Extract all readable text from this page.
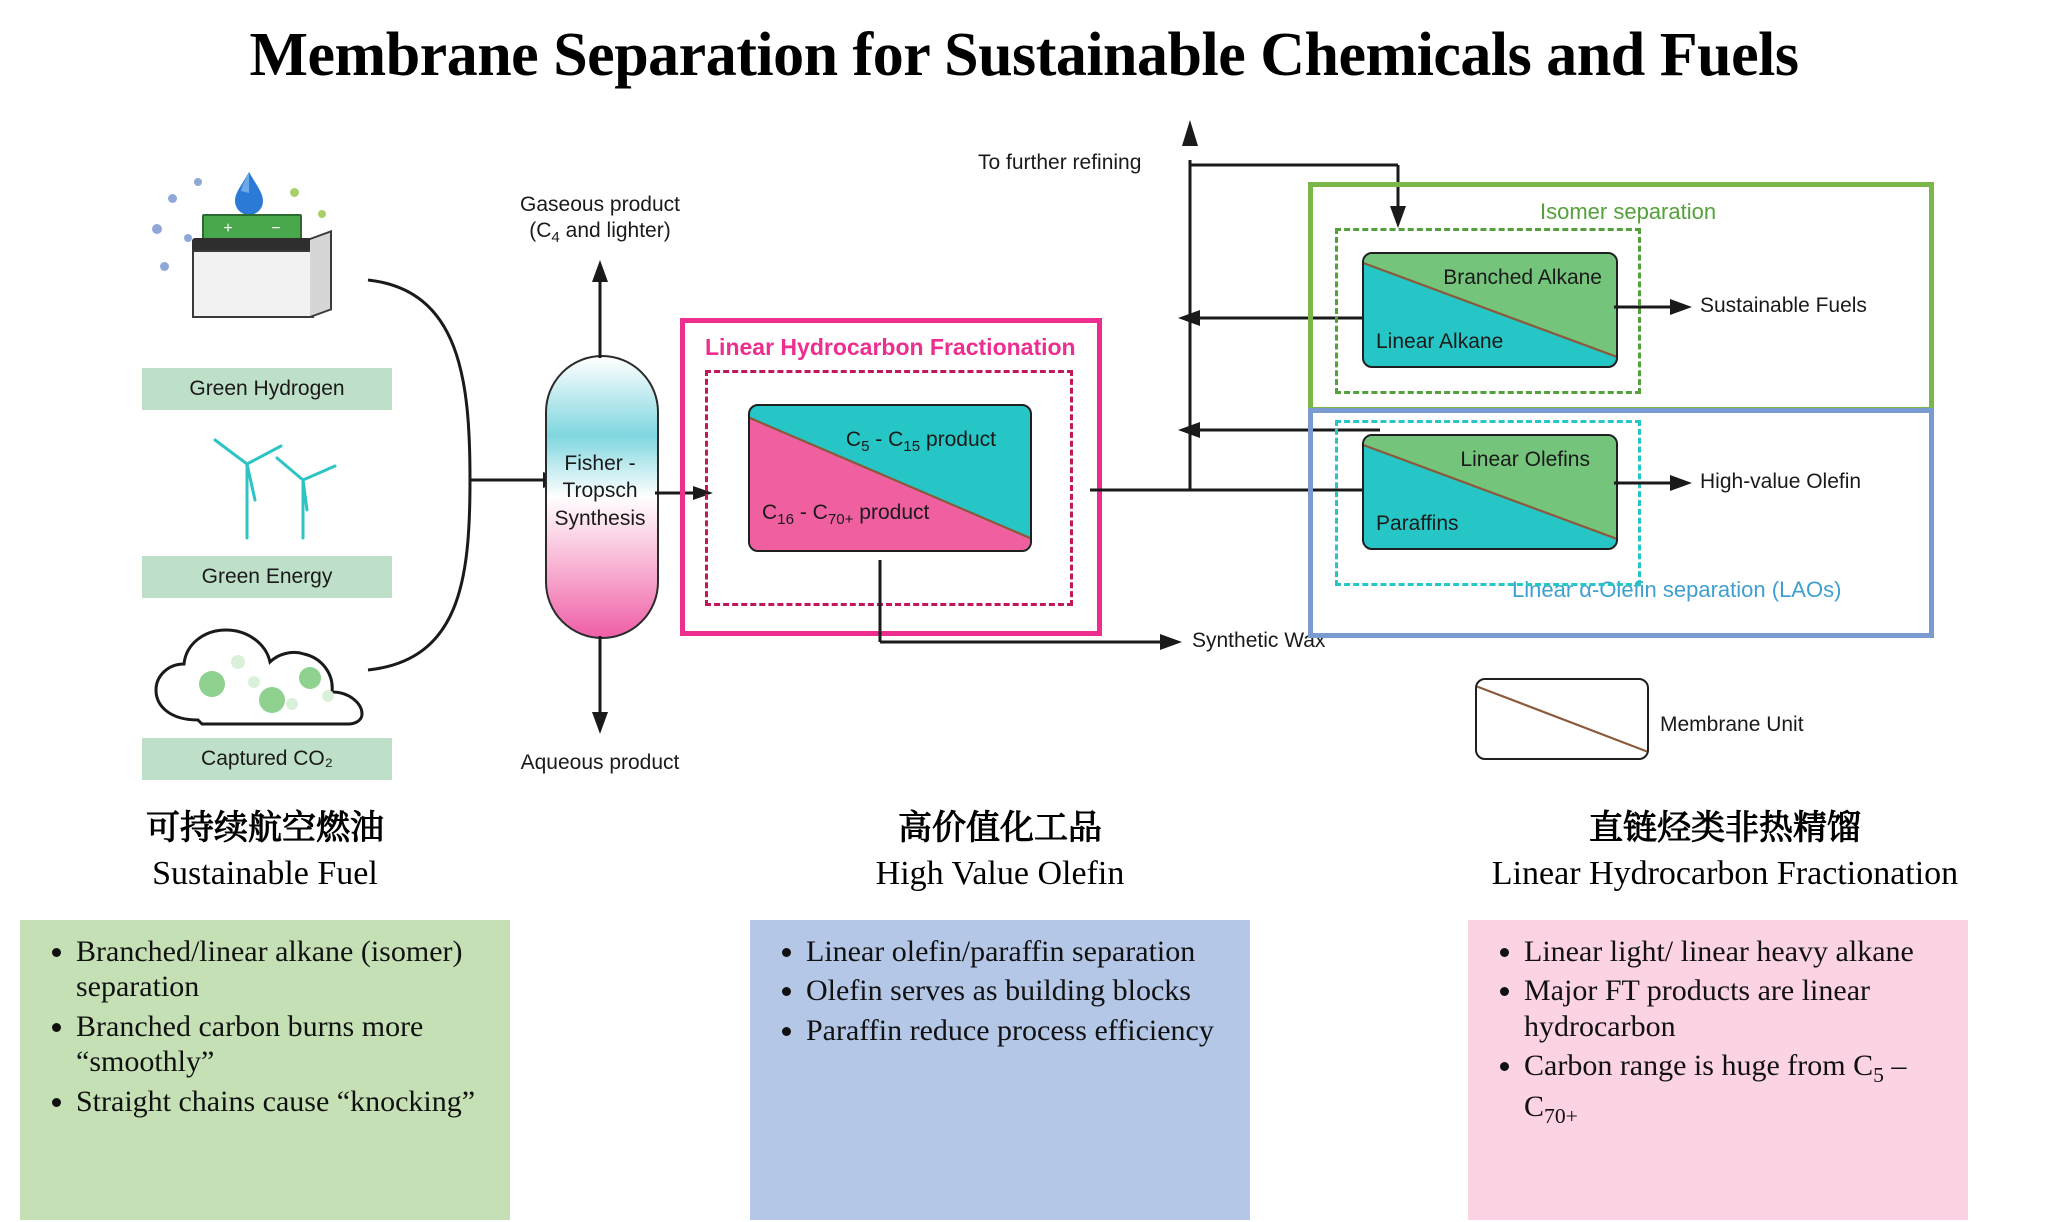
Membrane Separation for Sustainable Chemicals and Fuels
+ −
Green Hydrogen
Green Energy
Captured CO₂
Fisher -
Tropsch
Synthesis
Gaseous product
($C_4$ and lighter)
Aqueous product
Linear Hydrocarbon Fractionation
$C_5 - C_{15}$ product
$C_{16} - C_{70+}$ product
Synthetic Wax
To further refining
Isomer separation
Branched Alkane
Linear Alkane
Sustainable Fuels
Linear α-Olefin separation (LAOs)
Linear Olefins
Paraffins
High-value Olefin
Membrane Unit
可持续航空燃油
Sustainable Fuel
• Branched/linear alkane (isomer) separation
• Branched carbon burns more “smoothly”
• Straight chains cause “knocking”
高价值化工品
High Value Olefin
• Linear olefin/paraffin separation
• Olefin serves as building blocks
• Paraffin reduce process efficiency
直链烃类非热精馏
Linear Hydrocarbon Fractionation
• Linear light/ linear heavy alkane
• Major FT products are linear hydrocarbon
• Carbon range is huge from $C_5 - C_{70+}$
